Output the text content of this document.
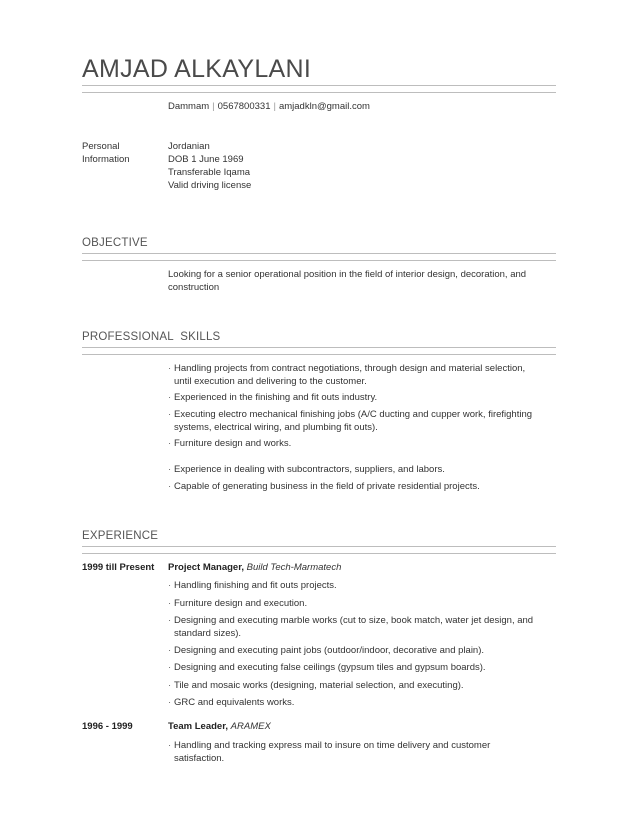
AMJAD ALKAYLANI
Dammam | 0567800331 | amjadkln@gmail.com
Personal
Information
Jordanian
DOB 1 June 1969
Transferable Iqama
Valid driving license
OBJECTIVE
Looking for a senior operational position in the field of interior design, decoration, and
construction
PROFESSIONAL  SKILLS
· Handling projects from contract negotiations, through design and material selection,
until execution and delivering to the customer.
· Experienced in the finishing and fit outs industry.
· Executing electro mechanical finishing jobs (A/C ducting and cupper work, firefighting
systems, electrical wiring, and plumbing fit outs).
· Furniture design and works.
· Experience in dealing with subcontractors, suppliers, and labors.
· Capable of generating business in the field of private residential projects.
EXPERIENCE
1999 till Present Project Manager, Build Tech-Marmatech
· Handling finishing and fit outs projects.
· Furniture design and execution.
· Designing and executing marble works (cut to size, book match, water jet design, and
standard sizes).
· Designing and executing paint jobs (outdoor/indoor, decorative and plain).
· Designing and executing false ceilings (gypsum tiles and gypsum boards).
· Tile and mosaic works (designing, material selection, and executing).
· GRC and equivalents works.
1996 - 1999	Team Leader, ARAMEX
· Handling and tracking express mail to insure on time delivery and customer
satisfaction.
